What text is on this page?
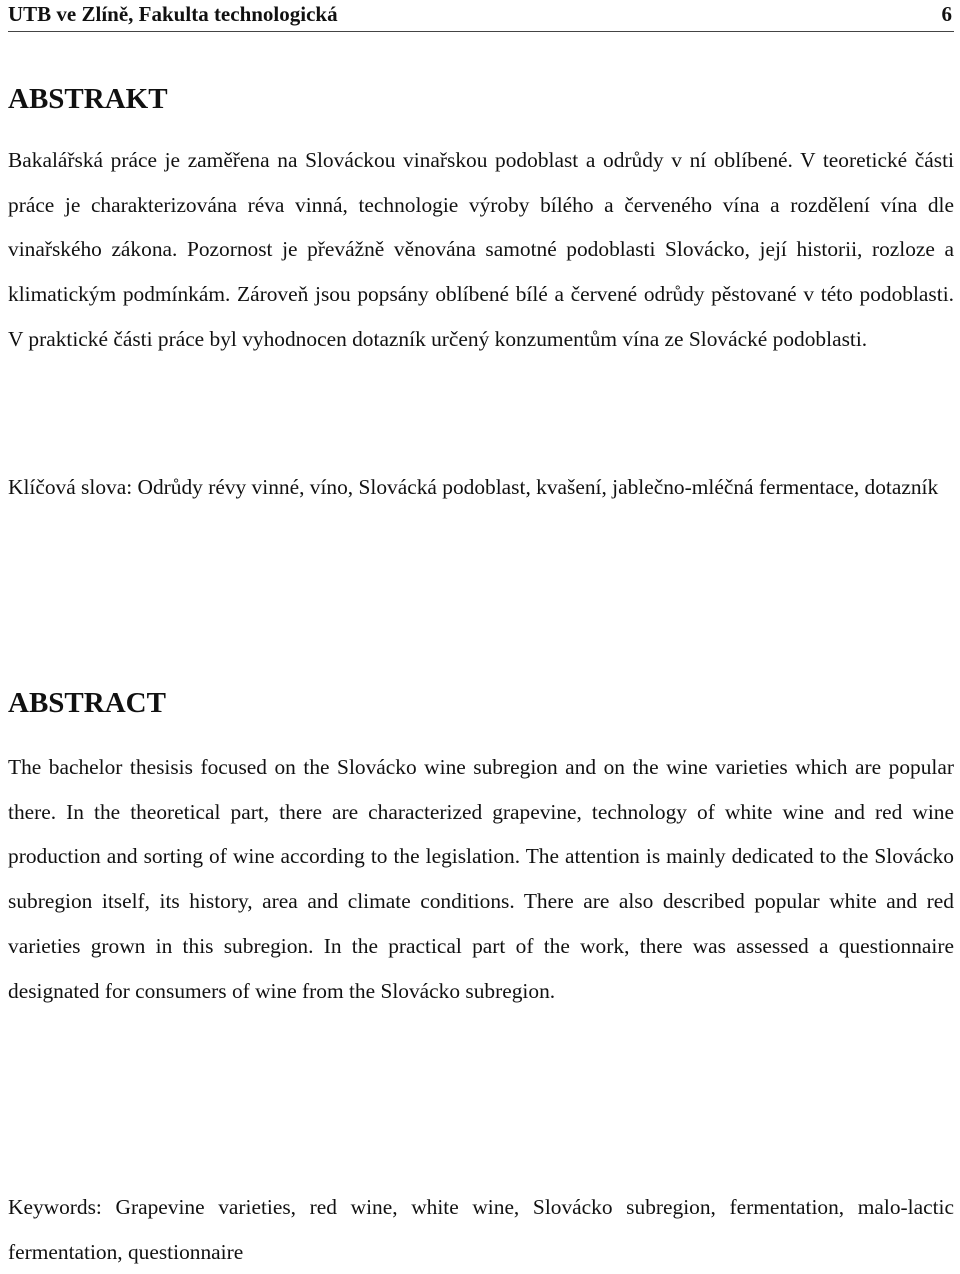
UTB ve Zlíně, Fakulta technologická	6
ABSTRAKT

Bakalářská práce je zaměřena na Slováckou vinařskou podoblast a odrůdy v ní oblíbené. V teoretické části práce je charakterizována réva vinná, technologie výroby bílého a červeného vína a rozdělení vína dle vinařského zákona. Pozornost je převážně věnována samotné podoblasti Slovácko, její historii, rozloze a klimatickým podmínkám. Zároveň jsou popsány oblíbené bílé a červené odrůdy pěstované v této podoblasti. V praktické části práce byl vyhodnocen dotazník určený konzumentům vína ze Slovácké podoblasti.

Klíčová slova: Odrůdy révy vinné, víno, Slovácká podoblast, kvašení, jablečno-mléčná fermentace, dotazník

ABSTRACT

The bachelor thesisis focused on the Slovácko wine subregion and on the wine varieties which are popular there. In the theoretical part, there are characterized grapevine, technology of white wine and red wine production and sorting of wine according to the legislation. The attention is mainly dedicated to the Slovácko subregion itself, its history, area and climate conditions. There are also described popular white and red varieties grown in this subregion. In the practical part of the work, there was assessed a questionnaire designated for consumers of wine from the Slovácko subregion.

Keywords: Grapevine varieties, red wine, white wine, Slovácko subregion, fermentation, malo-lactic fermentation, questionnaire
